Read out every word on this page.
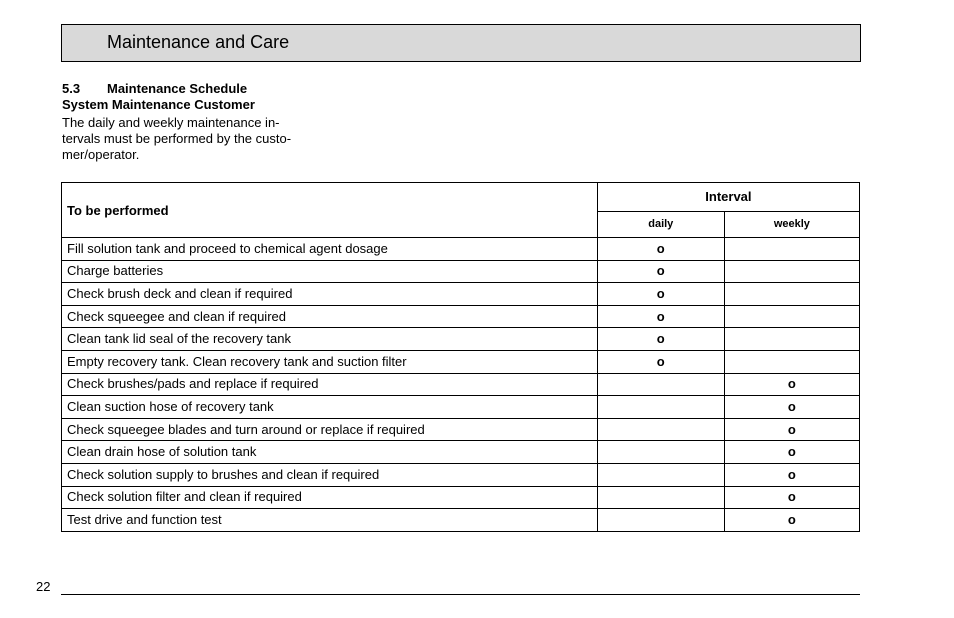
Maintenance and Care
5.3 Maintenance Schedule
System Maintenance Customer
The daily and weekly maintenance in-
tervals must be performed by the custo-
mer/operator.
To be performed	Interval	
	daily	weekly
Fill solution tank and proceed to chemical agent dosage	o	
Charge batteries	o	
Check brush deck and clean if required	o	
Check squeegee and clean if required	o	
Clean tank lid seal of the recovery tank	o	
Empty recovery tank. Clean recovery tank and suction filter	o	
Check brushes/pads and replace if required		o
Clean suction hose of recovery tank		o
Check squeegee blades and turn around or replace if required		o
Clean drain hose of solution tank		o
Check solution supply to brushes and clean if required		o
Check solution filter and clean if required		o
Test drive and function test		o
22
